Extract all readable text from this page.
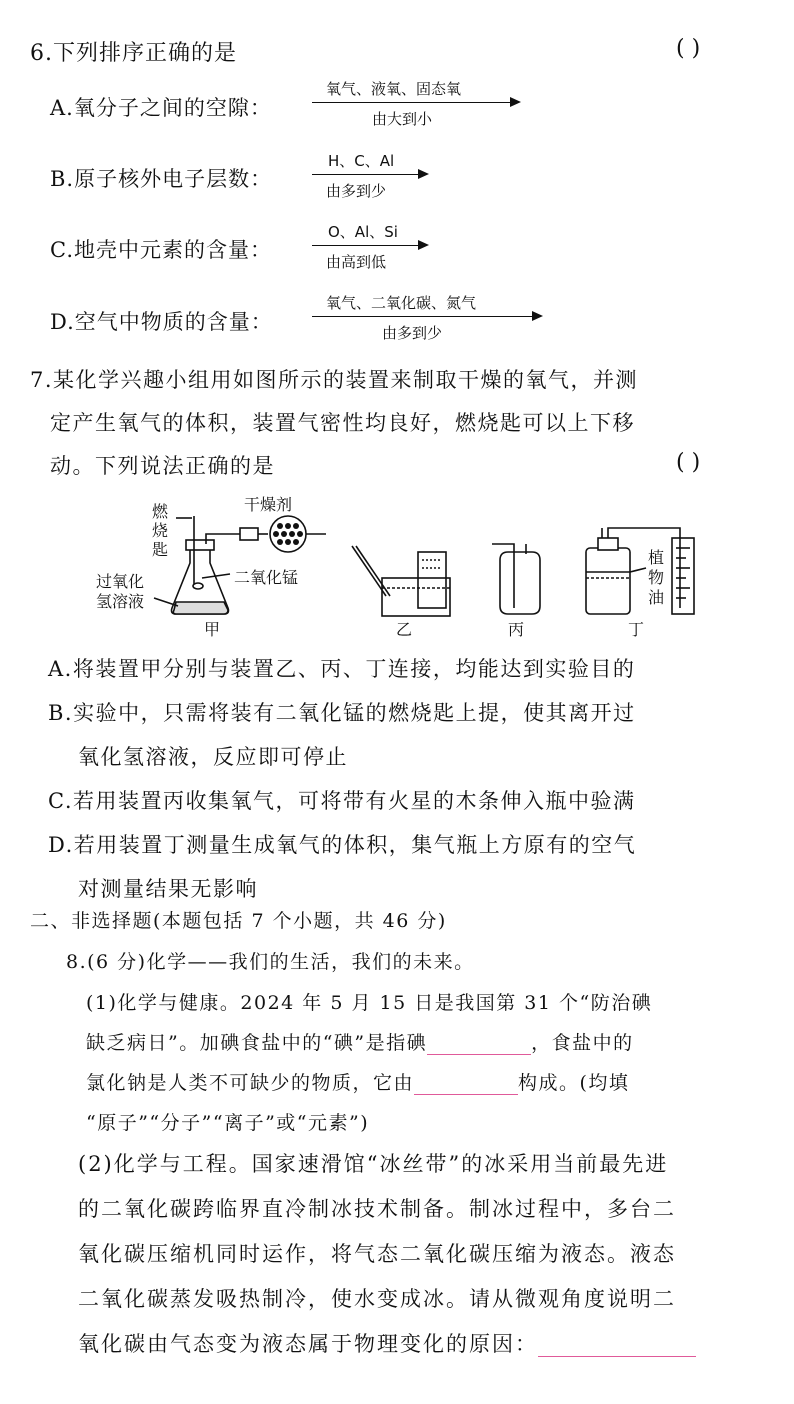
6.下列排序正确的是	( )
A.氧分子之间的空隙：
氧气、液氧、固态氧
由大到小
B.原子核外电子层数：
H、C、Al
由多到少
C.地壳中元素的含量：
O、Al、Si
由高到低
D.空气中物质的含量：
氧气、二氧化碳、氮气
由多到少
7.某化学兴趣小组用如图所示的装置来制取干燥的氧气，并测
定产生氧气的体积，装置气密性均良好，燃烧匙可以上下移
动。下列说法正确的是	( )
燃
烧
匙
干燥剂
过氧化
氢溶液
二氧化锰
植
物
油
甲	乙	丙	丁
A.将装置甲分别与装置乙、丙、丁连接，均能达到实验目的
B.实验中，只需将装有二氧化锰的燃烧匙上提，使其离开过
氧化氢溶液，反应即可停止
C.若用装置丙收集氧气，可将带有火星的木条伸入瓶中验满
D.若用装置丁测量生成氧气的体积，集气瓶上方原有的空气
对测量结果无影响
二、非选择题(本题包括 7 个小题，共 46 分)
8.(6 分)化学——我们的生活，我们的未来。
(1)化学与健康。2024 年 5 月 15 日是我国第 31 个“防治碘
缺乏病日”。加碘食盐中的“碘”是指碘	，食盐中的
氯化钠是人类不可缺少的物质，它由	构成。(均填
“原子”“分子”“离子”或“元素”)
(2)化学与工程。国家速滑馆“冰丝带”的冰采用当前最先进
的二氧化碳跨临界直冷制冰技术制备。制冰过程中，多台二
氧化碳压缩机同时运作，将气态二氧化碳压缩为液态。液态
二氧化碳蒸发吸热制冷，使水变成冰。请从微观角度说明二
氧化碳由气态变为液态属于物理变化的原因：
